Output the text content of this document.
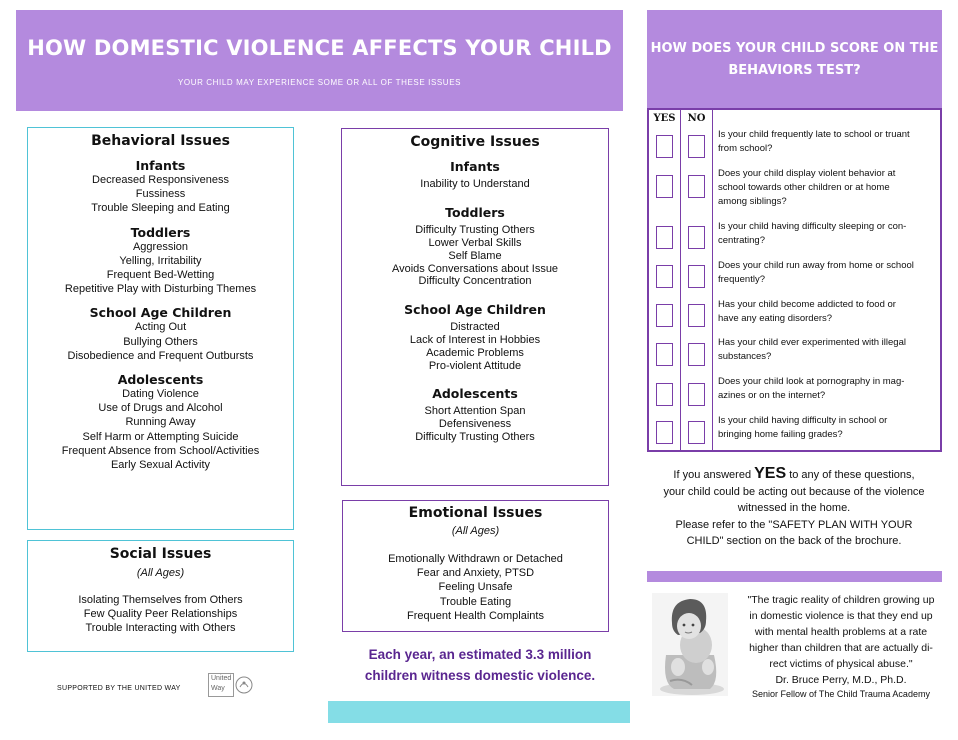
HOW DOMESTIC VIOLENCE AFFECTS YOUR CHILD
YOUR CHILD MAY EXPERIENCE SOME OR ALL OF THESE ISSUES
Behavioral Issues
Infants
Decreased Responsiveness
Fussiness
Trouble Sleeping and Eating
Toddlers
Aggression
Yelling, Irritability
Frequent Bed-Wetting
Repetitive Play with Disturbing Themes
School Age Children
Acting Out
Bullying Others
Disobedience and Frequent Outbursts
Adolescents
Dating Violence
Use of Drugs and Alcohol
Running Away
Self Harm or Attempting Suicide
Frequent Absence from School/Activities
Early Sexual Activity
Social Issues
(All Ages)
Isolating Themselves from Others
Few Quality Peer Relationships
Trouble Interacting with Others
SUPPORTED BY THE UNITED WAY
United
Way
Cognitive Issues
Infants
Inability to Understand
Toddlers
Difficulty Trusting Others
Lower Verbal Skills
Self Blame
Avoids Conversations about Issue
Difficulty Concentration
School Age Children
Distracted
Lack of Interest in Hobbies
Academic Problems
Pro-violent Attitude
Adolescents
Short Attention Span
Defensiveness
Difficulty Trusting Others
Emotional Issues
(All Ages)
Emotionally Withdrawn or Detached
Fear and Anxiety, PTSD
Feeling Unsafe
Trouble Eating
Frequent Health Complaints
Each year, an estimated 3.3 million
children witness domestic violence.
HOW DOES YOUR CHILD SCORE ON THE
BEHAVIORS TEST?
YES	NO
Is your child frequently late to school or truant
from school?
Does your child display violent behavior at
school towards other children or at home
among siblings?
Is your child having difficulty sleeping or con-
centrating?
Does your child run away from home or school
frequently?
Has your child become addicted to food or
have any eating disorders?
Has your child ever experimented with illegal
substances?
Does your child look at pornography in mag-
azines or on the internet?
Is your child having difficulty in school or
bringing home failing grades?
If you answered YES to any of these questions,
your child could be acting out because of the violence
witnessed in the home.
Please refer to the "SAFETY PLAN WITH YOUR
CHILD" section on the back of the brochure.
"The tragic reality of children growing up
in domestic violence is that they end up
with mental health problems at a rate
higher than children that are actually di-
rect victims of physical abuse."
Dr. Bruce Perry, M.D., Ph.D.
Senior Fellow of The Child Trauma Academy
